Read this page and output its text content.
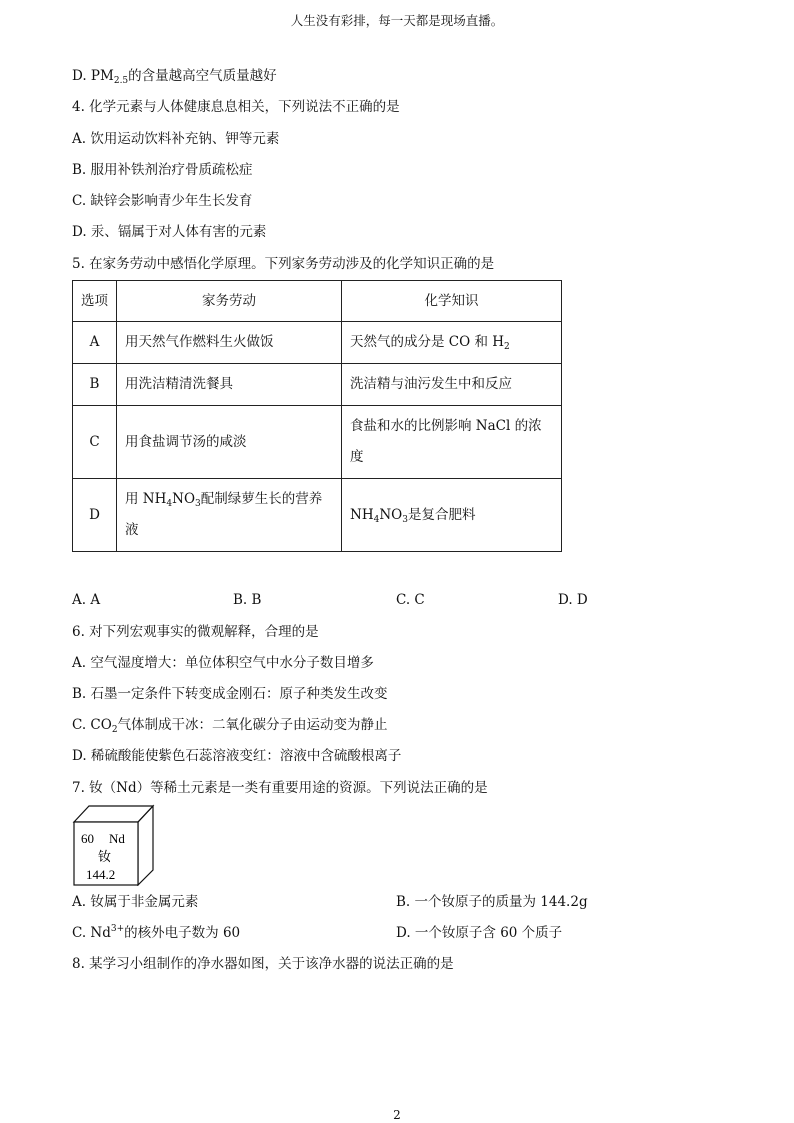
人生没有彩排，每一天都是现场直播。
D. $PM_{2.5}$的含量越高空气质量越好
4. 化学元素与人体健康息息相关，下列说法不正确的是
A. 饮用运动饮料补充钠、钾等元素
B. 服用补铁剂治疗骨质疏松症
C. 缺锌会影响青少年生长发育
D. 汞、镉属于对人体有害的元素
5. 在家务劳动中感悟化学原理。下列家务劳动涉及的化学知识正确的是
选项	家务劳动	化学知识
A	用天然气作燃料生火做饭	天然气的成分是 CO 和 $H_2$
B	用洗洁精清洗餐具	洗洁精与油污发生中和反应
C	用食盐调节汤的咸淡	食盐和水的比例影响 NaCl 的浓度
D	用 $NH_4NO_3$配制绿萝生长的营养液	$NH_4NO_3$是复合肥料
A. A	B. B	C. C	D. D
6. 对下列宏观事实的微观解释，合理的是
A. 空气湿度增大：单位体积空气中水分子数目增多
B. 石墨一定条件下转变成金刚石：原子种类发生改变
C. $CO_2$气体制成干冰：二氧化碳分子由运动变为静止
D. 稀硫酸能使紫色石蕊溶液变红：溶液中含硫酸根离子
7. 钕（Nd）等稀土元素是一类有重要用途的资源。下列说法正确的是
60 Nd
钕
144.2
A. 钕属于非金属元素	B. 一个钕原子的质量为 144.2g
C. $Nd^{3+}$的核外电子数为 60	D. 一个钕原子含 60 个质子
8. 某学习小组制作的净水器如图，关于该净水器的说法正确的是
2
